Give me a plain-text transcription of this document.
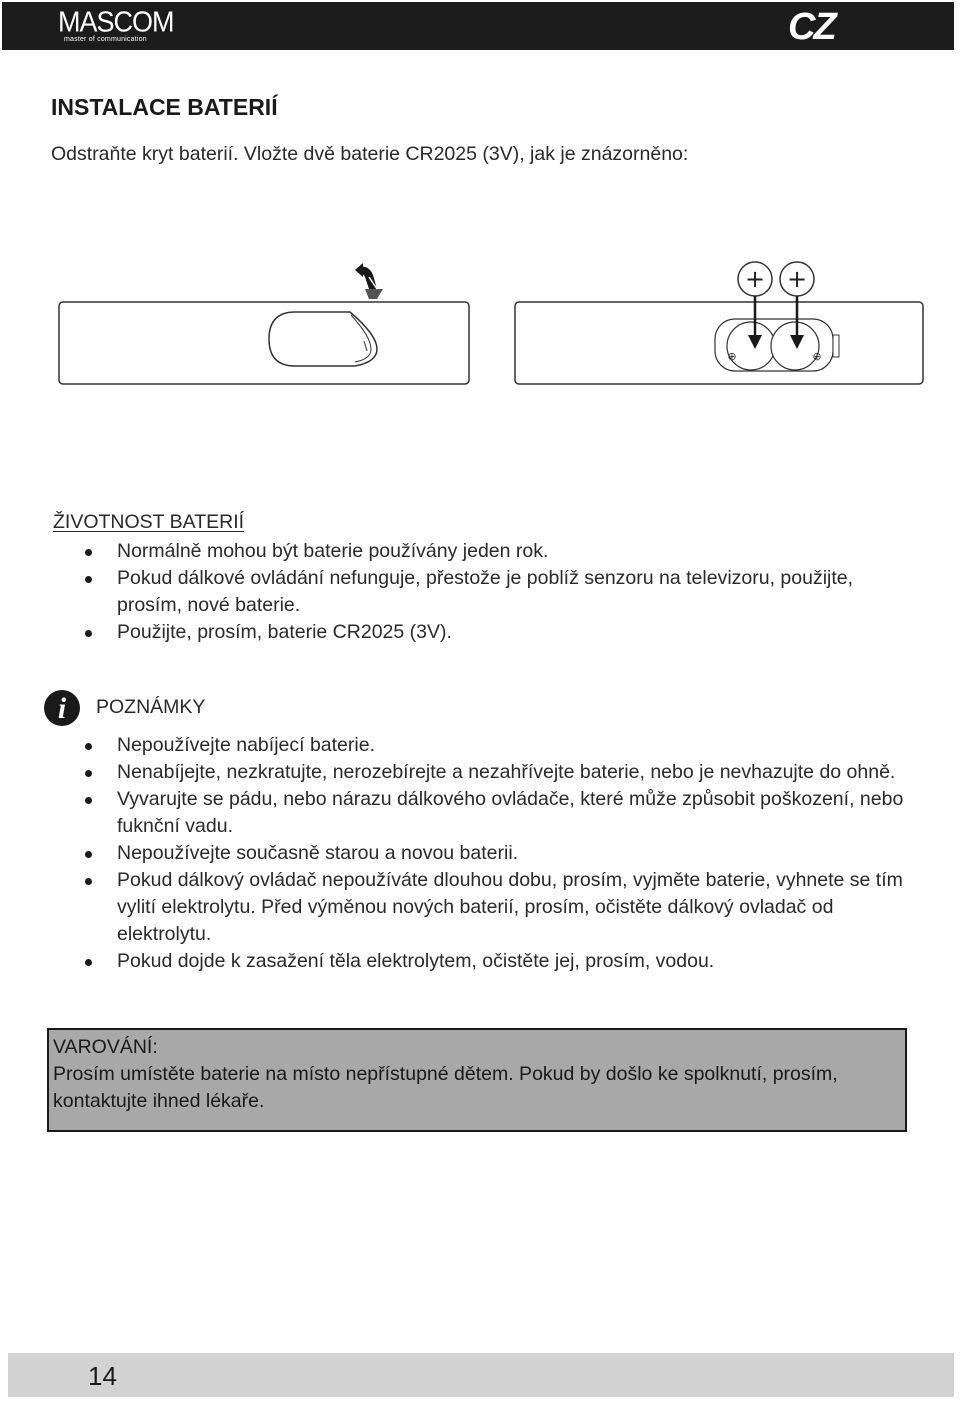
MASCOM
master of communication	CZ
INSTALACE BATERIÍ

Odstraňte kryt baterií. Vložte dvě baterie CR2025 (3V), jak je znázorněno:

⊕	⊕
+ +

ŽIVOTNOST BATERIÍ

Normálně mohou být baterie používány jeden rok.
Pokud dálkové ovládání nefunguje, přestože je poblíž senzoru na televizoru, použijte, prosím, nové baterie.
Použijte, prosím, baterie CR2025 (3V).
i	POZNÁMKY
Nepoužívejte nabíjecí baterie.
Nenabíjejte, nezkratujte, nerozebírejte a nezahřívejte baterie, nebo je nevhazujte do ohně.
Vyvarujte se pádu, nebo nárazu dálkového ovládače, které může způsobit poškození, nebo fuknční vadu.
Nepoužívejte současně starou a novou baterii.
Pokud dálkový ovládač nepoužíváte dlouhou dobu, prosím, vyjměte baterie, vyhnete se tím vylití elektrolytu. Před výměnou nových baterií, prosím, očistěte dálkový ovladač od elektrolytu.
Pokud dojde k zasažení těla elektrolytem, očistěte jej, prosím, vodou.
VAROVÁNÍ:
Prosím umístěte baterie na místo nepřístupné dětem. Pokud by došlo ke spolknutí, prosím,
kontaktujte ihned lékaře.
14
